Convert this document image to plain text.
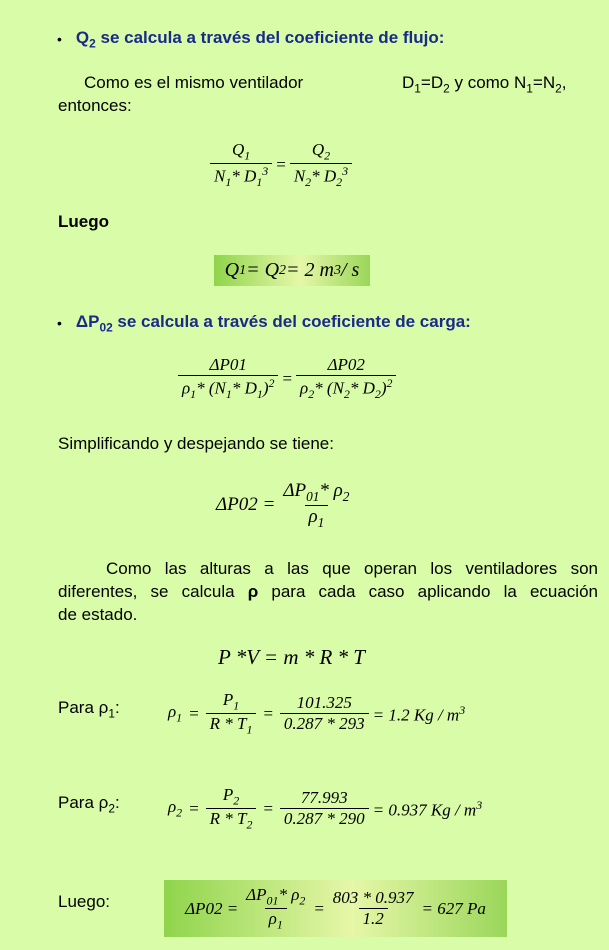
• $Q_2$ se calcula a través del coeficiente de flujo:
Como es el mismo ventilador	$D_1=D_2$ y como $N_1=N_2$,
entonces:
$\frac{Q_1}{N_1* D_1^3} = \frac{Q_2}{N_2* D_2^3}$
Luego
Q 1 = Q 2 = 2 m 3 / s
• $\Delta P_{02}$ se calcula a través del coeficiente de carga:
$\frac{\Delta P01}{\rho_1* (N_1* D_1)^2} = \frac{\Delta P02}{\rho_2* (N_2* D_2)^2}$
Simplificando y despejando se tiene:
$\Delta P02 = \frac{\Delta P_{01}* \rho_2}{\rho_1}$
Como las alturas a las que operan los ventiladores son
diferentes, se calcula ρ para cada caso aplicando la ecuación
de estado.
P *V = m * R * T
Para $\rho_1$:	$\rho_1 = \frac{P_1}{R * T_1} = \frac{101.325}{0.287 * 293} = 1.2$ Kg / $m^3$
Para $\rho_2$:	$\rho_2 = \frac{P_2}{R * T_2} = \frac{77.993}{0.287 * 290} = 0.937$ Kg / $m^3$
Luego:	$\Delta P02 = \frac{\Delta P_{01}* \rho_2}{\rho_1} = \frac{803 * 0.937}{1.2} = 627$ Pa
